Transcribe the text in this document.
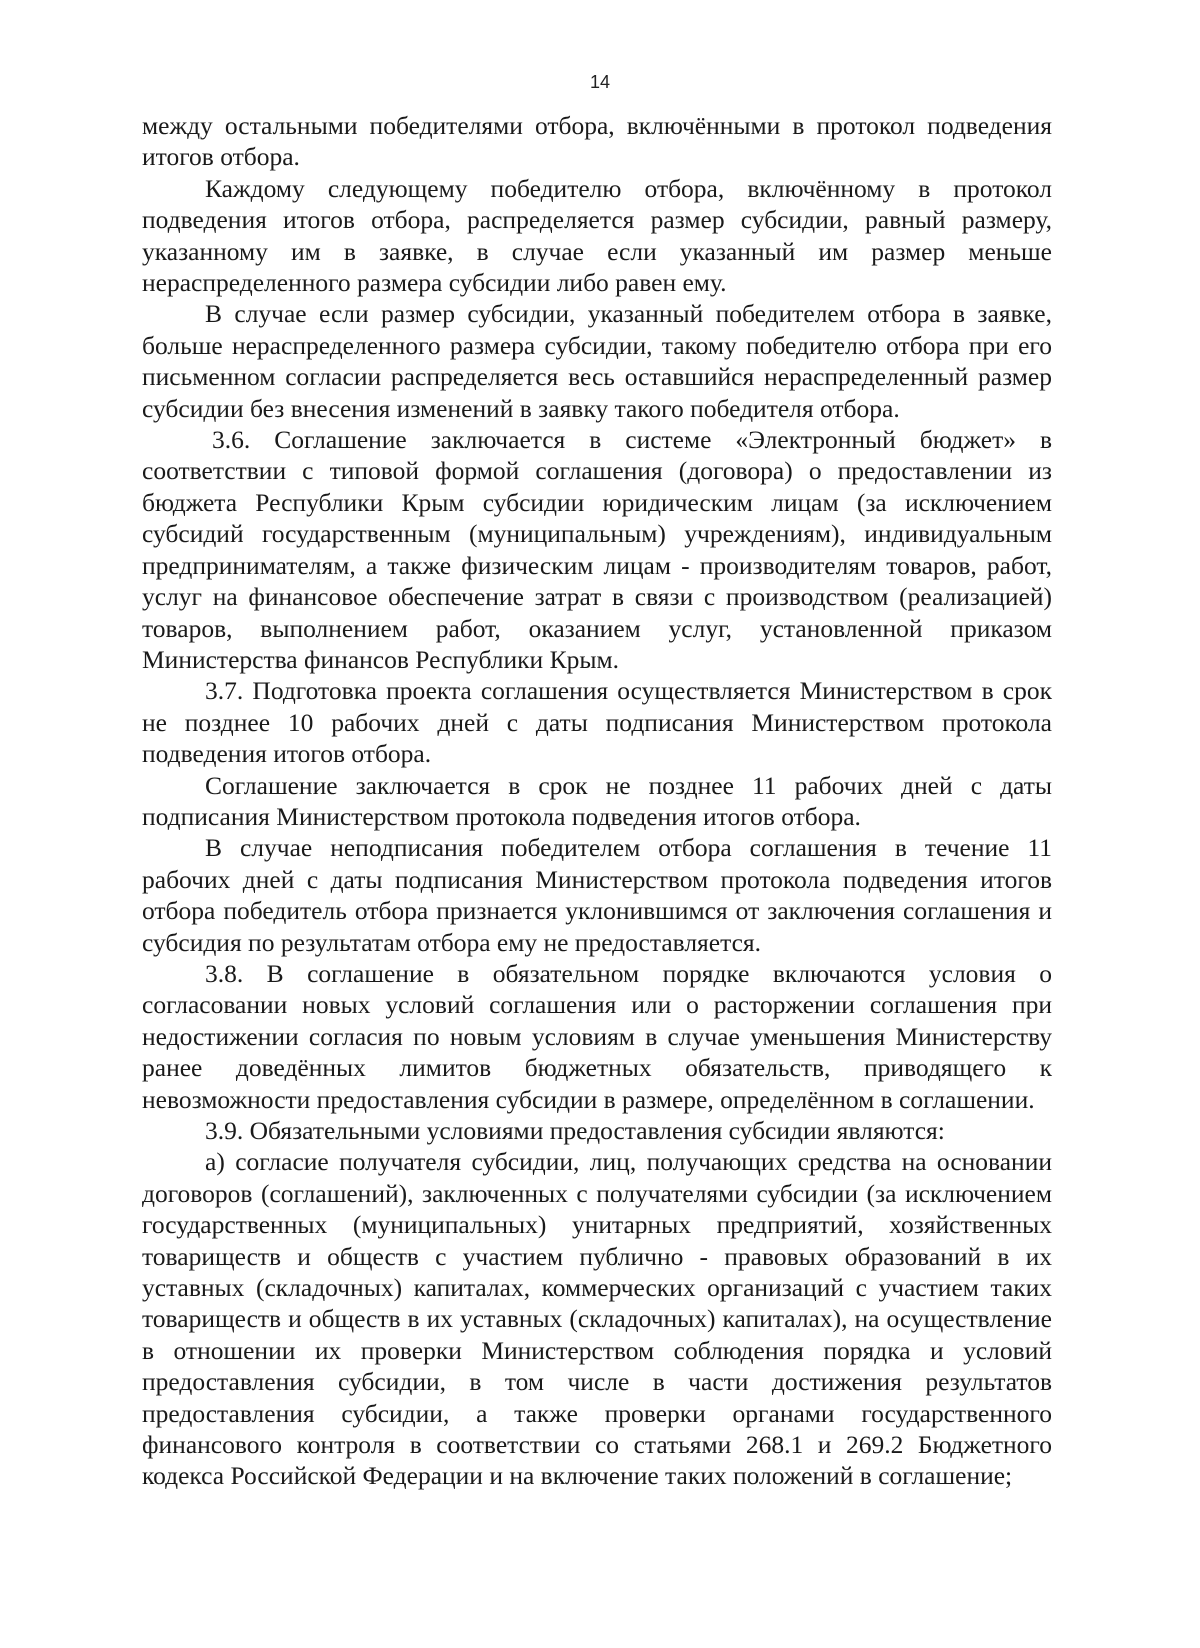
14

между остальными победителями отбора, включёнными в протокол подведения итогов отбора.

Каждому следующему победителю отбора, включённому в протокол подведения итогов отбора, распределяется размер субсидии, равный размеру, указанному им в заявке, в случае если указанный им размер меньше нераспределенного размера субсидии либо равен ему.

В случае если размер субсидии, указанный победителем отбора в заявке, больше нераспределенного размера субсидии, такому победителю отбора при его письменном согласии распределяется весь оставшийся нераспределенный размер субсидии без внесения изменений в заявку такого победителя отбора.

3.6. Соглашение заключается в системе «Электронный бюджет» в соответствии с типовой формой соглашения (договора) о предоставлении из бюджета Республики Крым субсидии юридическим лицам (за исключением субсидий государственным (муниципальным) учреждениям), индивидуальным предпринимателям, а также физическим лицам - производителям товаров, работ, услуг на финансовое обеспечение затрат в связи с производством (реализацией) товаров, выполнением работ, оказанием услуг, установленной приказом Министерства финансов Республики Крым.

3.7. Подготовка проекта соглашения осуществляется Министерством в срок не позднее 10 рабочих дней с даты подписания Министерством протокола подведения итогов отбора.

Соглашение заключается в срок не позднее 11 рабочих дней с даты подписания Министерством протокола подведения итогов отбора.

В случае неподписания победителем отбора соглашения в течение 11 рабочих дней с даты подписания Министерством протокола подведения итогов отбора победитель отбора признается уклонившимся от заключения соглашения и субсидия по результатам отбора ему не предоставляется.

3.8. В соглашение в обязательном порядке включаются условия о согласовании новых условий соглашения или о расторжении соглашения при недостижении согласия по новым условиям в случае уменьшения Министерству ранее доведённых лимитов бюджетных обязательств, приводящего к невозможности предоставления субсидии в размере, определённом в соглашении.

3.9. Обязательными условиями предоставления субсидии являются:

а) согласие получателя субсидии, лиц, получающих средства на основании договоров (соглашений), заключенных с получателями субсидии (за исключением государственных (муниципальных) унитарных предприятий, хозяйственных товариществ и обществ с участием публично - правовых образований в их уставных (складочных) капиталах, коммерческих организаций с участием таких товариществ и обществ в их уставных (складочных) капиталах), на осуществление в отношении их проверки Министерством соблюдения порядка и условий предоставления субсидии, в том числе в части достижения результатов предоставления субсидии, а также проверки органами государственного финансового контроля в соответствии со статьями 268.1 и 269.2 Бюджетного кодекса Российской Федерации и на включение таких положений в соглашение;
